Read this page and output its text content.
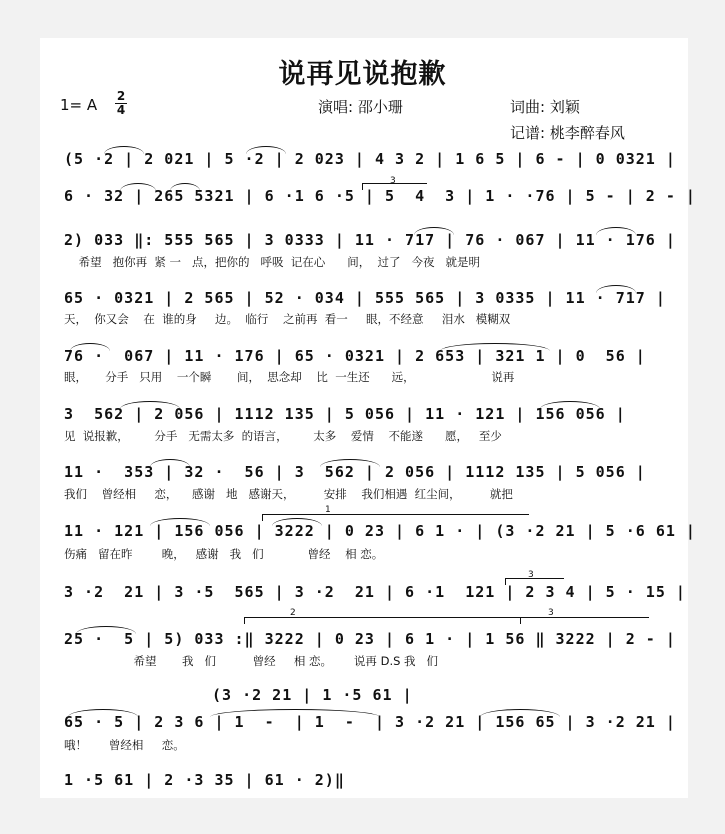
说再见说抱歉
1= A 2
4	演唱: 邵小珊	词曲: 刘颖
记谱: 桃李醉春风
(5 ·2 | 2 021 | 5 ·2 | 2 023 | 4 3 2 | 1 6 5 | 6 - | 0 0321 |
6 · 32 | 265 5321 | 6 ·1 6 ·5 | 5  4  3 | 1 · ·76 | 5 - | 2 - |
3
2) 033 ‖: 555 565 | 3 0333 | 11 · 717 | 76 · 067 | 11 · 176 |
希望   抱你再  紧 一   点，把你的   呼吸  记在心      间，  过了   今夜   就是明
65 · 0321 | 2 565 | 52 · 034 | 555 565 | 3 0335 | 11 · 717 |
天，  你又会    在  谁的身     边。  临行    之前再  看一     眼，不经意     泪水   模糊双
76 ·  067 | 11 · 176 | 65 · 0321 | 2 653 | 321 1 | 0  56 |
眼，     分手   只用    一个瞬       间，  思念却    比  一生还      远，                     说再
3  562 | 2 056 | 1112 135 | 5 056 | 11 · 121 | 156 056 |
见  说报歉，       分手   无需太多  的语言，       太多    爱情    不能遂      愿，   至少
11 ·  353 | 32 ·  56 | 3  562 | 2 056 | 1112 135 | 5 056 |
我们    曾经相     恋，    感谢   地   感谢天，        安排    我们相遇  红尘间，        就把
1
11 · 121 | 156 056 | 3222 | 0 23 | 6 1 · | (3 ·2 21 | 5 ·6 61 |
伤痛   留在昨        晚，   感谢   我   们            曾经    相 恋。
3
3 ·2  21 | 3 ·5  565 | 3 ·2  21 | 6 ·1  121 | 2 3 4 | 5 · 15 |
2	3
25 ·  5 | 5) 033 :‖ 3222 | 0 23 | 6 1 · | 1 56 ‖ 3222 | 2 - |
希望       我   们          曾经     相 恋。      说再 D.S 我   们
(3 ·2 21 | 1 ·5 61 |
65 · 5 | 2 3 6 | 1  -  | 1  -  | 3 ·2 21 | 156 65 | 3 ·2 21 |
哦！      曾经相     恋。
1 ·5 61 | 2 ·3 35 | 61 · 2)‖
